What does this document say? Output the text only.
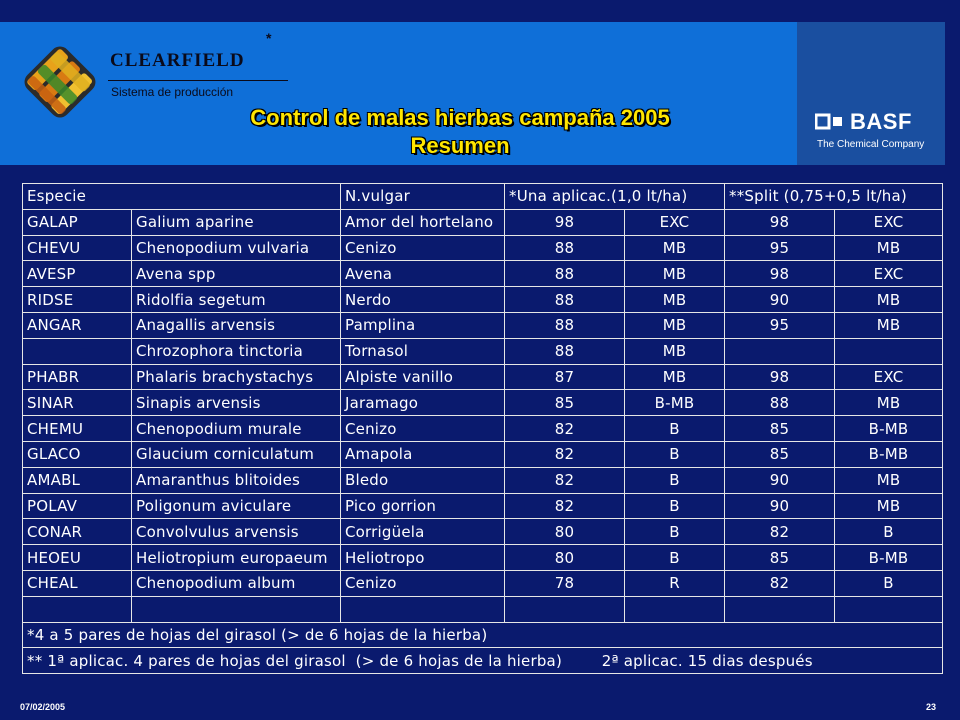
*
CLEARFIELD
Sistema de producción
Control de malas hierbas campaña 2005
Resumen
BASF
The Chemical Company
Especie		N.vulgar	*Una aplicac.(1,0 lt/ha)		**Split (0,75+0,5 lt/ha)	
GALAP	Galium aparine	Amor del hortelano	98	EXC	98	EXC
CHEVU	Chenopodium vulvaria	Cenizo	88	MB	95	MB
AVESP	Avena spp	Avena	88	MB	98	EXC
RIDSE	Ridolfia segetum	Nerdo	88	MB	90	MB
ANGAR	Anagallis arvensis	Pamplina	88	MB	95	MB
	Chrozophora tinctoria	Tornasol	88	MB		
PHABR	Phalaris brachystachys	Alpiste vanillo	87	MB	98	EXC
SINAR	Sinapis arvensis	Jaramago	85	B-MB	88	MB
CHEMU	Chenopodium murale	Cenizo	82	B	85	B-MB
GLACO	Glaucium corniculatum	Amapola	82	B	85	B-MB
AMABL	Amaranthus blitoides	Bledo	82	B	90	MB
POLAV	Poligonum aviculare	Pico gorrion	82	B	90	MB
CONAR	Convolvulus arvensis	Corrigüela	80	B	82	B
HEOEU	Heliotropium europaeum	Heliotropo	80	B	85	B-MB
CHEAL	Chenopodium album	Cenizo	78	R	82	B

*4 a 5 pares de hojas del girasol (> de 6 hojas de la hierba)						
** 1ª aplicac. 4 pares de hojas del girasol  (> de 6 hojas de la hierba)        2ª aplicac. 15 dias después						
07/02/2005	23
